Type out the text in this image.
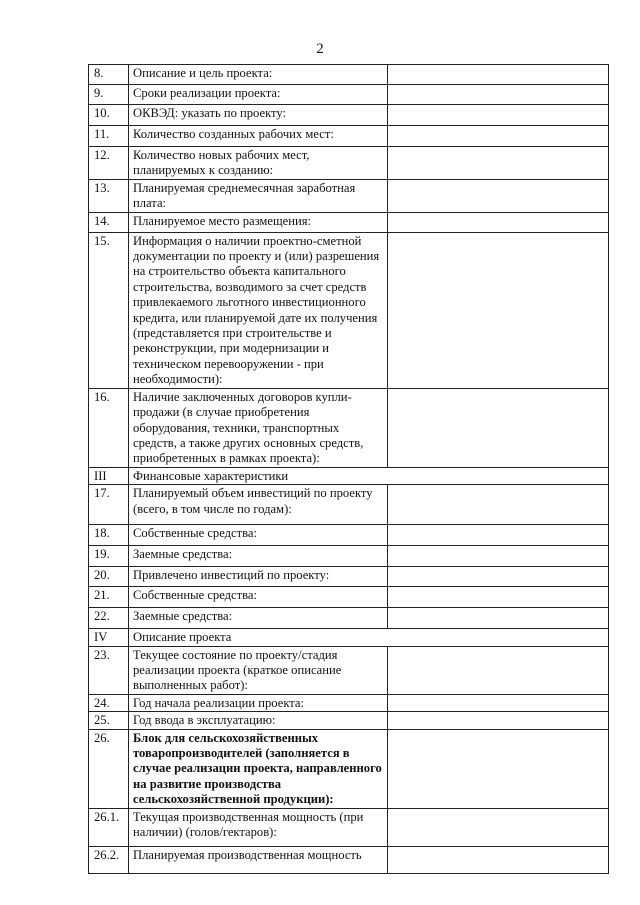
2
8.	Описание и цель проекта:	
9.	Сроки реализации проекта:	
10.	ОКВЭД: указать по проекту:	
11.	Количество созданных рабочих мест:	
12.	Количество новых рабочих мест, планируемых к созданию:	
13.	Планируемая среднемесячная заработная плата:	
14.	Планируемое место размещения:	
15.	Информация о наличии проектно-сметной документации по проекту и (или) разрешения на строительство объекта капитального строительства, возводимого за счет средств привлекаемого льготного инвестиционного кредита, или планируемой дате их получения (представляется при строительстве и реконструкции, при модернизации и техническом перевооружении - при необходимости):	
16.	Наличие заключенных договоров купли-продажи (в случае приобретения оборудования, техники, транспортных средств, а также других основных средств, приобретенных в рамках проекта):	
III	Финансовые характеристики	
17.	Планируемый объем инвестиций по проекту (всего, в том числе по годам):	
18.	Собственные средства:	
19.	Заемные средства:	
20.	Привлечено инвестиций по проекту:	
21.	Собственные средства:	
22.	Заемные средства:	
IV	Описание проекта	
23.	Текущее состояние по проекту/стадия реализации проекта (краткое описание выполненных работ):	
24.	Год начала реализации проекта:	
25.	Год ввода в эксплуатацию:	
26.	Блок для сельскохозяйственных товаропроизводителей (заполняется в случае реализации проекта, направленного на развитие производства сельскохозяйственной продукции):	
26.1.	Текущая производственная мощность (при наличии) (голов/гектаров):	
26.2.	Планируемая производственная мощность	
